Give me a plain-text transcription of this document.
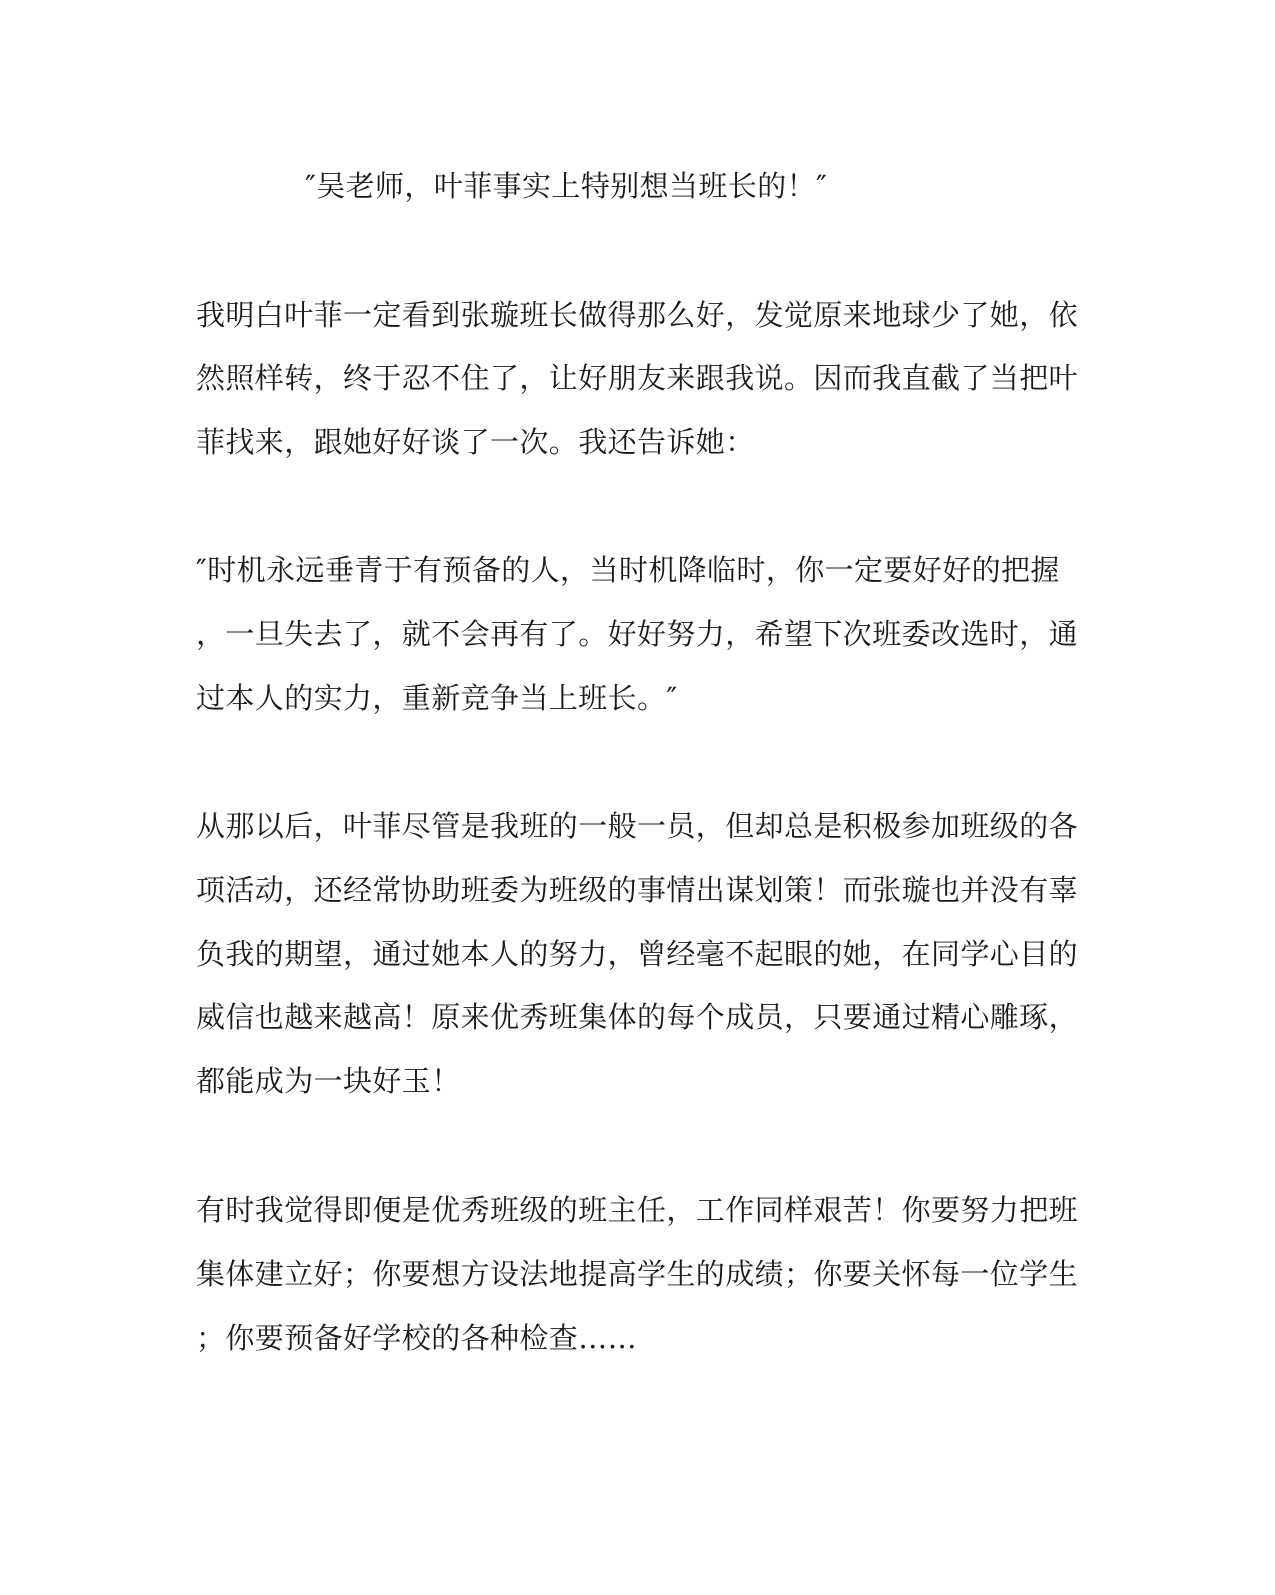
″吴老师，叶菲事实上特别想当班长的！″

我明白叶菲一定看到张璇班长做得那么好，发觉原来地球少了她，依

然照样转，终于忍不住了，让好朋友来跟我说。因而我直截了当把叶

菲找来，跟她好好谈了一次。我还告诉她：

″时机永远垂青于有预备的人，当时机降临时，你一定要好好的把握

，一旦失去了，就不会再有了。好好努力，希望下次班委改选时，通

过本人的实力，重新竞争当上班长。″

从那以后，叶菲尽管是我班的一般一员，但却总是积极参加班级的各

项活动，还经常协助班委为班级的事情出谋划策！而张璇也并没有辜

负我的期望，通过她本人的努力，曾经毫不起眼的她，在同学心目的

威信也越来越高！原来优秀班集体的每个成员，只要通过精心雕琢，

都能成为一块好玉！

有时我觉得即便是优秀班级的班主任，工作同样艰苦！你要努力把班

集体建立好；你要想方设法地提高学生的成绩；你要关怀每一位学生

；你要预备好学校的各种检查……
